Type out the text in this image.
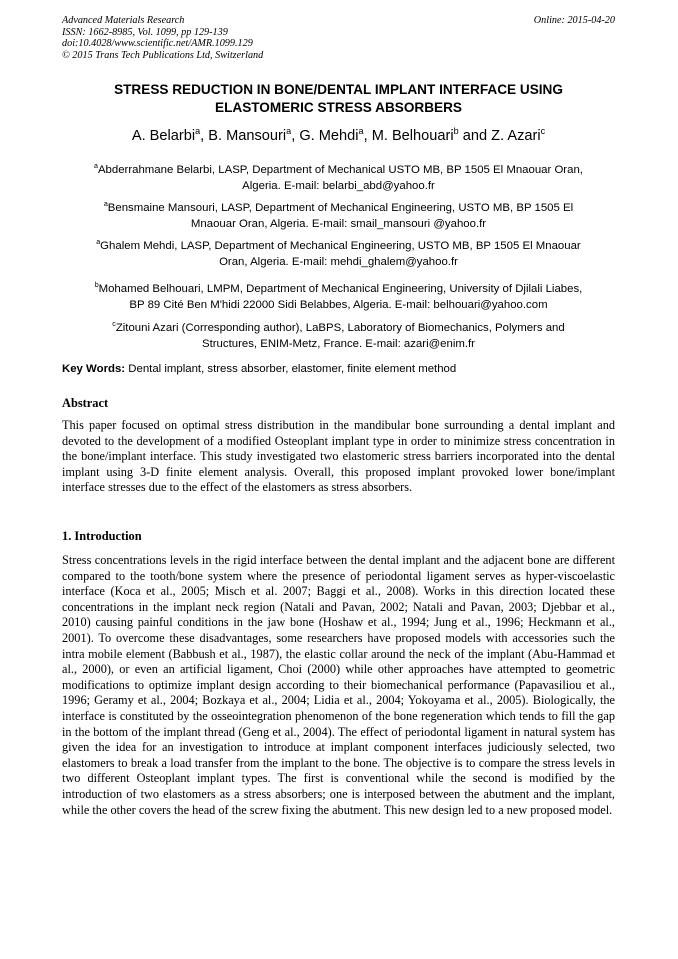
Advanced Materials Research
ISSN: 1662-8985, Vol. 1099, pp 129-139
doi:10.4028/www.scientific.net/AMR.1099.129
© 2015 Trans Tech Publications Ltd, Switzerland
Online: 2015-04-20
STRESS REDUCTION IN BONE/DENTAL IMPLANT INTERFACE USING
ELASTOMERIC STRESS ABSORBERS
A. Belarbi$^a$, B. Mansouri$^a$, G. Mehdi$^a$, M. Belhouari$^b$ and Z. Azari$^c$
$^a$Abderrahmane Belarbi, LASP, Department of Mechanical USTO MB, BP 1505 El Mnaouar Oran,
Algeria. E-mail: belarbi_abd@yahoo.fr
$^a$Bensmaine Mansouri, LASP, Department of Mechanical Engineering, USTO MB, BP 1505 El
Mnaouar Oran, Algeria. E-mail: smail_mansouri @yahoo.fr
$^a$Ghalem Mehdi, LASP, Department of Mechanical Engineering, USTO MB, BP 1505 El Mnaouar
Oran, Algeria. E-mail: mehdi_ghalem@yahoo.fr
$^b$Mohamed Belhouari, LMPM, Department of Mechanical Engineering, University of Djilali Liabes,
BP 89 Cité Ben M'hidi 22000 Sidi Belabbes, Algeria. E-mail: belhouari@yahoo.com
$^c$Zitouni Azari (Corresponding author), LaBPS, Laboratory of Biomechanics, Polymers and
Structures, ENIM-Metz, France. E-mail: azari@enim.fr
Key Words: Dental implant, stress absorber, elastomer, finite element method
Abstract
This paper focused on optimal stress distribution in the mandibular bone surrounding a dental implant and devoted to the development of a modified Osteoplant implant type in order to minimize stress concentration in the bone/implant interface. This study investigated two elastomeric stress barriers incorporated into the dental implant using 3-D finite element analysis. Overall, this proposed implant provoked lower bone/implant interface stresses due to the effect of the elastomers as stress absorbers.
1. Introduction
Stress concentrations levels in the rigid interface between the dental implant and the adjacent bone are different compared to the tooth/bone system where the presence of periodontal ligament serves as hyper-viscoelastic interface (Koca et al., 2005; Misch et al. 2007; Baggi et al., 2008). Works in this direction located these concentrations in the implant neck region (Natali and Pavan, 2002; Natali and Pavan, 2003; Djebbar et al., 2010) causing painful conditions in the jaw bone (Hoshaw et al., 1994; Jung et al., 1996; Heckmann et al., 2001). To overcome these disadvantages, some researchers have proposed models with accessories such the intra mobile element (Babbush et al., 1987), the elastic collar around the neck of the implant (Abu-Hammad et al., 2000), or even an artificial ligament, Choi (2000) while other approaches have attempted to geometric modifications to optimize implant design according to their biomechanical performance (Papavasiliou et al., 1996; Geramy et al., 2004; Bozkaya et al., 2004; Lidia et al., 2004; Yokoyama et al., 2005). Biologically, the interface is constituted by the osseointegration phenomenon of the bone regeneration which tends to fill the gap in the bottom of the implant thread (Geng et al., 2004). The effect of periodontal ligament in natural system has given the idea for an investigation to introduce at implant component interfaces judiciously selected, two elastomers to break a load transfer from the implant to the bone. The objective is to compare the stress levels in two different Osteoplant implant types. The first is conventional while the second is modified by the introduction of two elastomers as a stress absorbers; one is interposed between the abutment and the implant, while the other covers the head of the screw fixing the abutment. This new design led to a new proposed model.
